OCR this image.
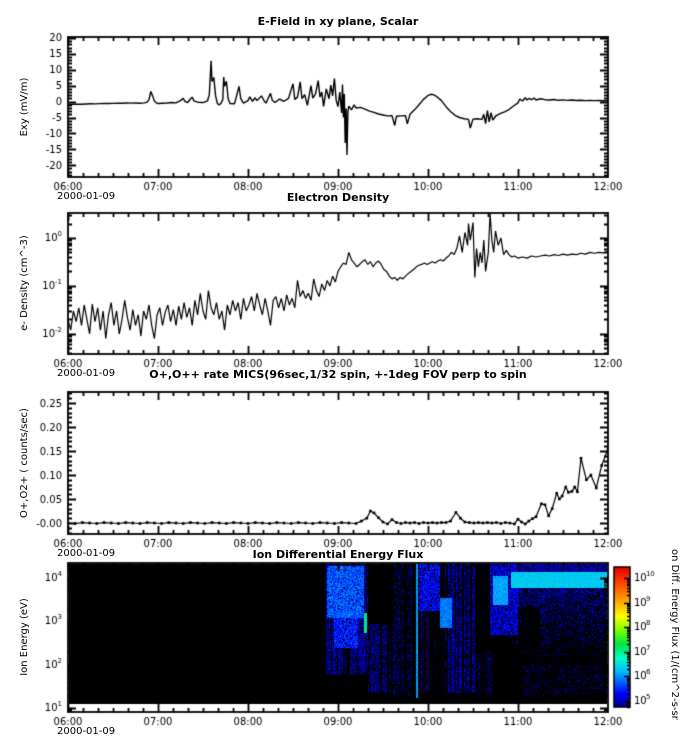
E-Field in xy plane, Scalar
Electron Density
O+,O++ rate MICS(96sec,1/32 spin, +-1deg FOV perp to spin
Ion Differential Energy Flux
2000-01-09
2000-01-09
2000-01-09
2000-01-09
Exy (mV/m)
e- Density (cm^-3)
O+,O2+ ( counts/sec)
Ion Energy (eV)	on Diff. Energy Flux (1/(cm^2-s-sr
